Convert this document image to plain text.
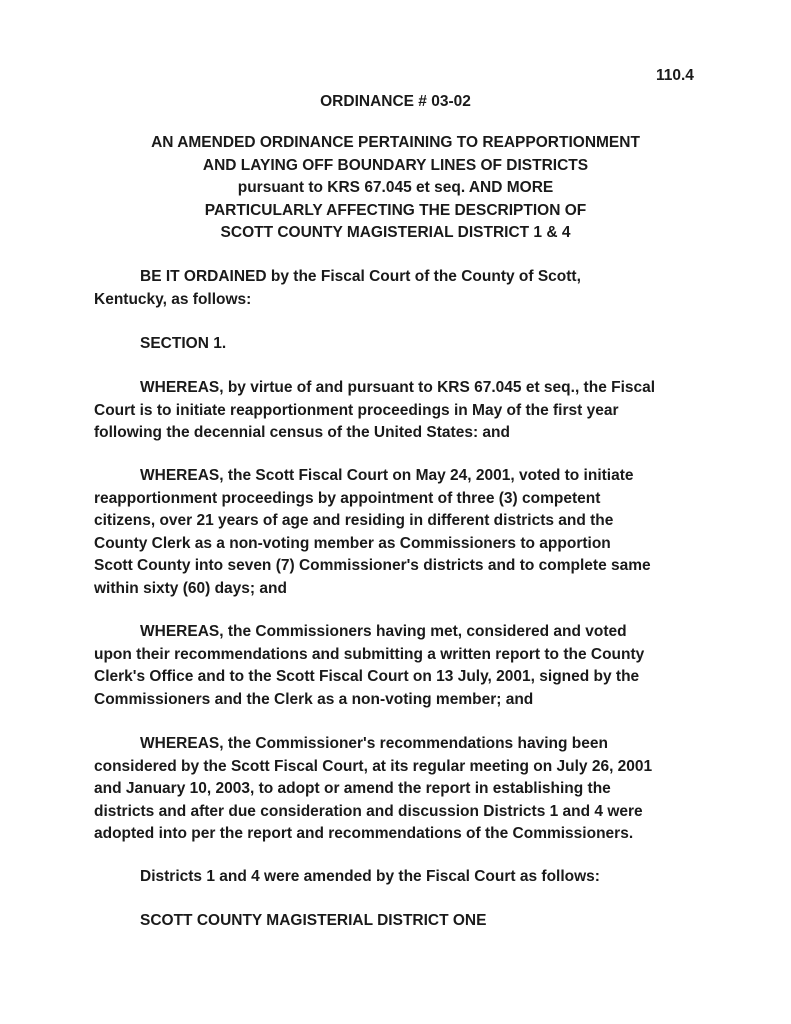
110.4

ORDINANCE # 03-02

AN AMENDED ORDINANCE PERTAINING TO REAPPORTIONMENT
AND LAYING OFF BOUNDARY LINES OF DISTRICTS
pursuant to KRS 67.045 et seq. AND MORE
PARTICULARLY AFFECTING THE DESCRIPTION OF
SCOTT COUNTY MAGISTERIAL DISTRICT 1 & 4
BE IT ORDAINED by the Fiscal Court of the County of Scott,
Kentucky, as follows:
SECTION 1.
WHEREAS, by virtue of and pursuant to KRS 67.045 et seq., the Fiscal
Court is to initiate reapportionment proceedings in May of the first year
following the decennial census of the United States: and
WHEREAS, the Scott Fiscal Court on May 24, 2001, voted to initiate
reapportionment proceedings by appointment of three (3) competent
citizens, over 21 years of age and residing in different districts and the
County Clerk as a non-voting member as Commissioners to apportion
Scott County into seven (7) Commissioner's districts and to complete same
within sixty (60) days; and
WHEREAS, the Commissioners having met, considered and voted
upon their recommendations and submitting a written report to the County
Clerk's Office and to the Scott Fiscal Court on 13 July, 2001, signed by the
Commissioners and the Clerk as a non-voting member; and
WHEREAS, the Commissioner's recommendations having been
considered by the Scott Fiscal Court, at its regular meeting on July 26, 2001
and January 10, 2003, to adopt or amend the report in establishing the
districts and after due consideration and discussion Districts 1 and 4 were
adopted into per the report and recommendations of the Commissioners.
Districts 1 and 4 were amended by the Fiscal Court as follows:
SCOTT COUNTY MAGISTERIAL DISTRICT ONE
